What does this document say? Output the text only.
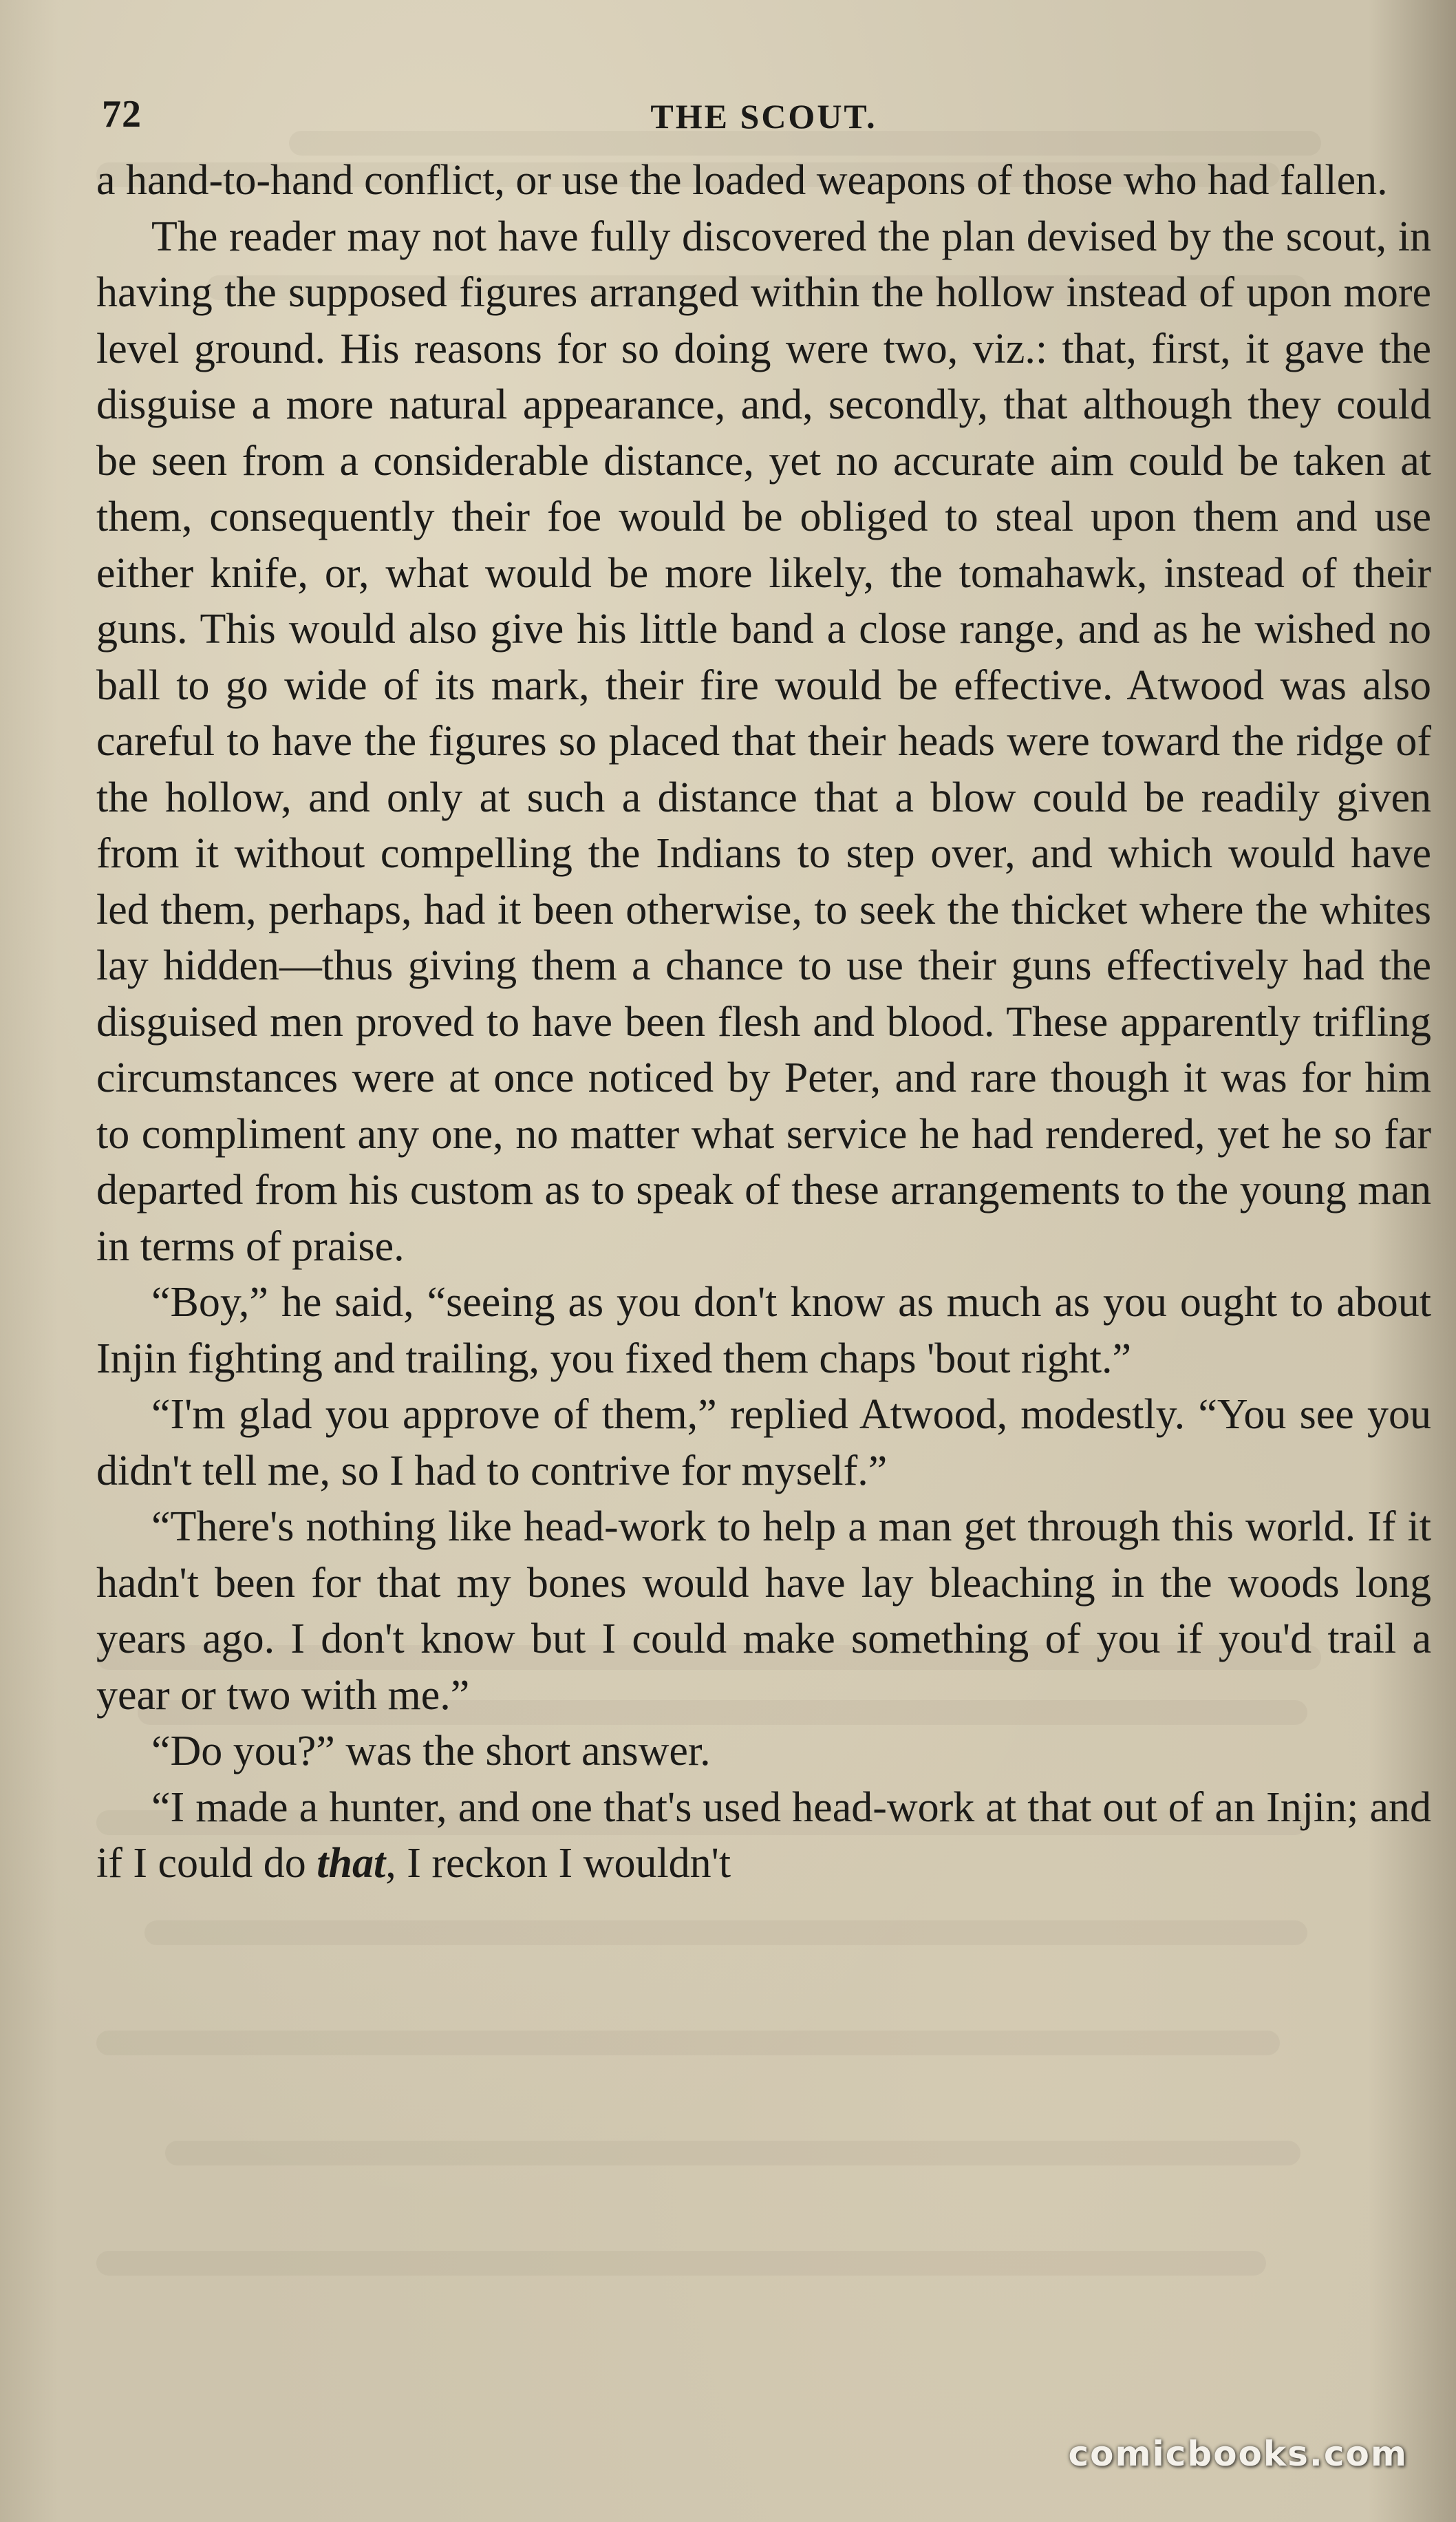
72	THE SCOUT.

a hand-to-hand conflict, or use the loaded weapons of those who had fallen.

The reader may not have fully discovered the plan devised by the scout, in having the supposed figures arranged within the hollow instead of upon more level ground. His reasons for so doing were two, viz.: that, first, it gave the disguise a more natural appearance, and, secondly, that although they could be seen from a considerable distance, yet no accurate aim could be taken at them, consequently their foe would be obliged to steal upon them and use either knife, or, what would be more likely, the tomahawk, instead of their guns. This would also give his little band a close range, and as he wished no ball to go wide of its mark, their fire would be effective. Atwood was also careful to have the figures so placed that their heads were toward the ridge of the hollow, and only at such a distance that a blow could be readily given from it without compelling the Indians to step over, and which would have led them, perhaps, had it been otherwise, to seek the thicket where the whites lay hidden—thus giving them a chance to use their guns effectively had the disguised men proved to have been flesh and blood. These apparently trifling circumstances were at once noticed by Peter, and rare though it was for him to compliment any one, no matter what service he had rendered, yet he so far departed from his custom as to speak of these arrangements to the young man in terms of praise.

“Boy,” he said, “seeing as you don't know as much as you ought to about Injin fighting and trailing, you fixed them chaps 'bout right.”

“I'm glad you approve of them,” replied Atwood, modestly. “You see you didn't tell me, so I had to contrive for myself.”

“There's nothing like head-work to help a man get through this world. If it hadn't been for that my bones would have lay bleaching in the woods long years ago. I don't know but I could make something of you if you'd trail a year or two with me.”

“Do you?” was the short answer.

“I made a hunter, and one that's used head-work at that out of an Injin; and if I could do that, I reckon I wouldn't

comicbooks.com
